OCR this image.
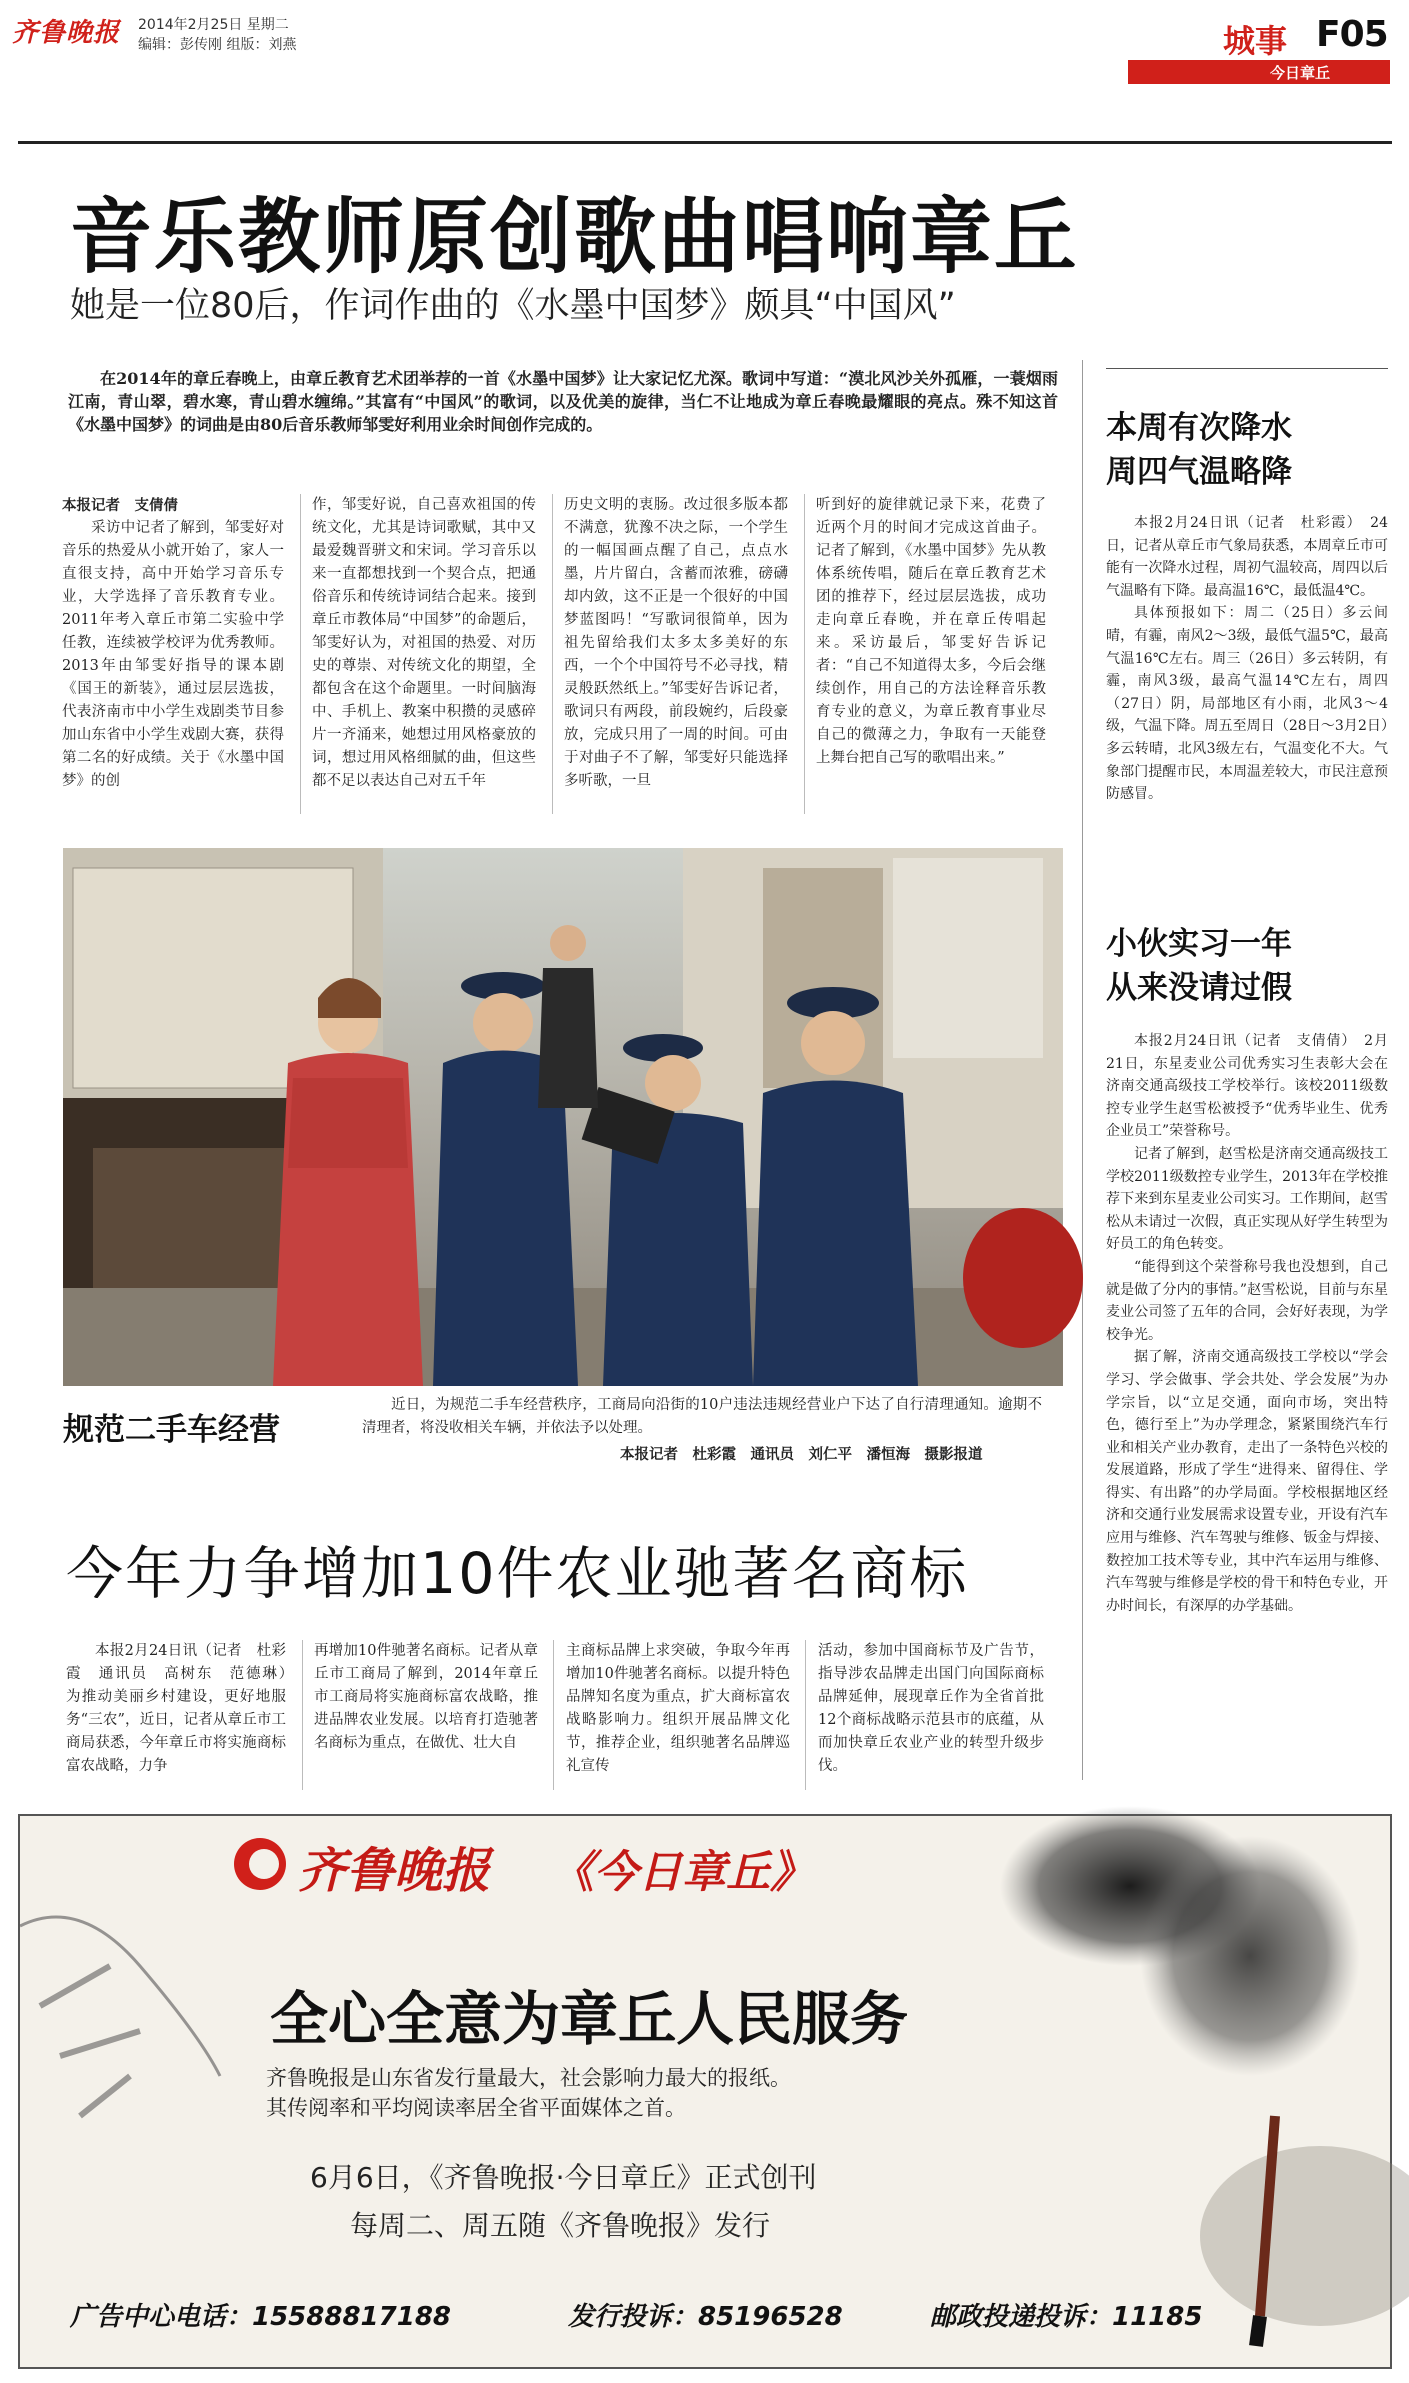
齐鲁晚报 2014年2月25日 星期二
编辑：彭传刚 组版：刘燕	城事 F05
今日章丘
音乐教师原创歌曲唱响章丘
她是一位80后，作词作曲的《水墨中国梦》颇具“中国风”

在2014年的章丘春晚上，由章丘教育艺术团举荐的一首《水墨中国梦》让大家记忆尤深。歌词中写道：“漠北风沙关外孤雁，一蓑烟雨江南，青山翠，碧水寒，青山碧水缠绵。”其富有“中国风”的歌词，以及优美的旋律，当仁不让地成为章丘春晚最耀眼的亮点。殊不知这首《水墨中国梦》的词曲是由80后音乐教师邹雯好利用业余时间创作完成的。

本报记者　支倩倩

采访中记者了解到，邹雯好对音乐的热爱从小就开始了，家人一直很支持，高中开始学习音乐专业，大学选择了音乐教育专业。2011年考入章丘市第二实验中学任教，连续被学校评为优秀教师。2013年由邹雯好指导的课本剧《国王的新装》，通过层层选拔，代表济南市中小学生戏剧类节目参加山东省中小学生戏剧大赛，获得第二名的好成绩。关于《水墨中国梦》的创

作，邹雯好说，自己喜欢祖国的传统文化，尤其是诗词歌赋，其中又最爱魏晋骈文和宋词。学习音乐以来一直都想找到一个契合点，把通俗音乐和传统诗词结合起来。接到章丘市教体局“中国梦”的命题后，邹雯好认为，对祖国的热爱、对历史的尊崇、对传统文化的期望，全都包含在这个命题里。一时间脑海中、手机上、教案中积攒的灵感碎片一齐涌来，她想过用风格豪放的词，想过用风格细腻的曲，但这些都不足以表达自己对五千年

历史文明的衷肠。改过很多版本都不满意，犹豫不决之际，一个学生的一幅国画点醒了自己，点点水墨，片片留白，含蓄而浓雅，磅礴却内敛，这不正是一个很好的中国梦蓝图吗！“写歌词很简单，因为祖先留给我们太多太多美好的东西，一个个中国符号不必寻找，精灵般跃然纸上。”邹雯好告诉记者，歌词只有两段，前段婉约，后段豪放，完成只用了一周的时间。可由于对曲子不了解，邹雯好只能选择多听歌，一旦

听到好的旋律就记录下来，花费了近两个月的时间才完成这首曲子。记者了解到，《水墨中国梦》先从教体系统传唱，随后在章丘教育艺术团的推荐下，经过层层选拔，成功走向章丘春晚，并在章丘传唱起来。采访最后，邹雯好告诉记者：“自己不知道得太多，今后会继续创作，用自己的方法诠释音乐教育专业的意义，为章丘教育事业尽自己的微薄之力，争取有一天能登上舞台把自己写的歌唱出来。”

本周有次降水
周四气温略降

本报2月24日讯（记者　杜彩霞）　24日，记者从章丘市气象局获悉，本周章丘市可能有一次降水过程，周初气温较高，周四以后气温略有下降。最高温16℃，最低温4℃。

具体预报如下：周二（25日）多云间晴，有霾，南风2～3级，最低气温5℃，最高气温16℃左右。周三（26日）多云转阴，有霾，南风3级，最高气温14℃左右，周四（27日）阴，局部地区有小雨，北风3～4级，气温下降。周五至周日（28日～3月2日）多云转晴，北风3级左右，气温变化不大。气象部门提醒市民，本周温差较大，市民注意预防感冒。

小伙实习一年
从来没请过假

本报2月24日讯（记者　支倩倩）　2月21日，东星麦业公司优秀实习生表彰大会在济南交通高级技工学校举行。该校2011级数控专业学生赵雪松被授予“优秀毕业生、优秀企业员工”荣誉称号。

记者了解到，赵雪松是济南交通高级技工学校2011级数控专业学生，2013年在学校推荐下来到东星麦业公司实习。工作期间，赵雪松从未请过一次假，真正实现从好学生转型为好员工的角色转变。

“能得到这个荣誉称号我也没想到，自己就是做了分内的事情。”赵雪松说，目前与东星麦业公司签了五年的合同，会好好表现，为学校争光。

据了解，济南交通高级技工学校以“学会学习、学会做事、学会共处、学会发展”为办学宗旨，以“立足交通，面向市场，突出特色，德行至上”为办学理念，紧紧围绕汽车行业和相关产业办教育，走出了一条特色兴校的发展道路，形成了学生“进得来、留得住、学得实、有出路”的办学局面。学校根据地区经济和交通行业发展需求设置专业，开设有汽车应用与维修、汽车驾驶与维修、钣金与焊接、数控加工技术等专业，其中汽车运用与维修、汽车驾驶与维修是学校的骨干和特色专业，开办时间长，有深厚的办学基础。

规范二手车经营

近日，为规范二手车经营秩序，工商局向沿街的10户违法违规经营业户下达了自行清理通知。逾期不清理者，将没收相关车辆，并依法予以处理。

本报记者　杜彩霞　通讯员　刘仁平　潘恒海　摄影报道
今年力争增加10件农业驰著名商标

本报2月24日讯（记者　杜彩霞　通讯员　高树东　范德琳）　为推动美丽乡村建设，更好地服务“三农”，近日，记者从章丘市工商局获悉，今年章丘市将实施商标富农战略，力争

再增加10件驰著名商标。记者从章丘市工商局了解到，2014年章丘市工商局将实施商标富农战略，推进品牌农业发展。以培育打造驰著名商标为重点，在做优、壮大自

主商标品牌上求突破，争取今年再增加10件驰著名商标。以提升特色品牌知名度为重点，扩大商标富农战略影响力。组织开展品牌文化节，推荐企业，组织驰著名品牌巡礼宣传

活动，参加中国商标节及广告节，指导涉农品牌走出国门向国际商标品牌延伸，展现章丘作为全省首批12个商标战略示范县市的底蕴，从而加快章丘农业产业的转型升级步伐。

齐鲁晚报 《今日章丘》
全心全意为章丘人民服务
齐鲁晚报是山东省发行量最大，社会影响力最大的报纸。
其传阅率和平均阅读率居全省平面媒体之首。
6月6日，《齐鲁晚报·今日章丘》正式创刊
每周二、周五随《齐鲁晚报》发行
广告中心电话：15588817188	发行投诉：85196528	邮政投递投诉：11185
